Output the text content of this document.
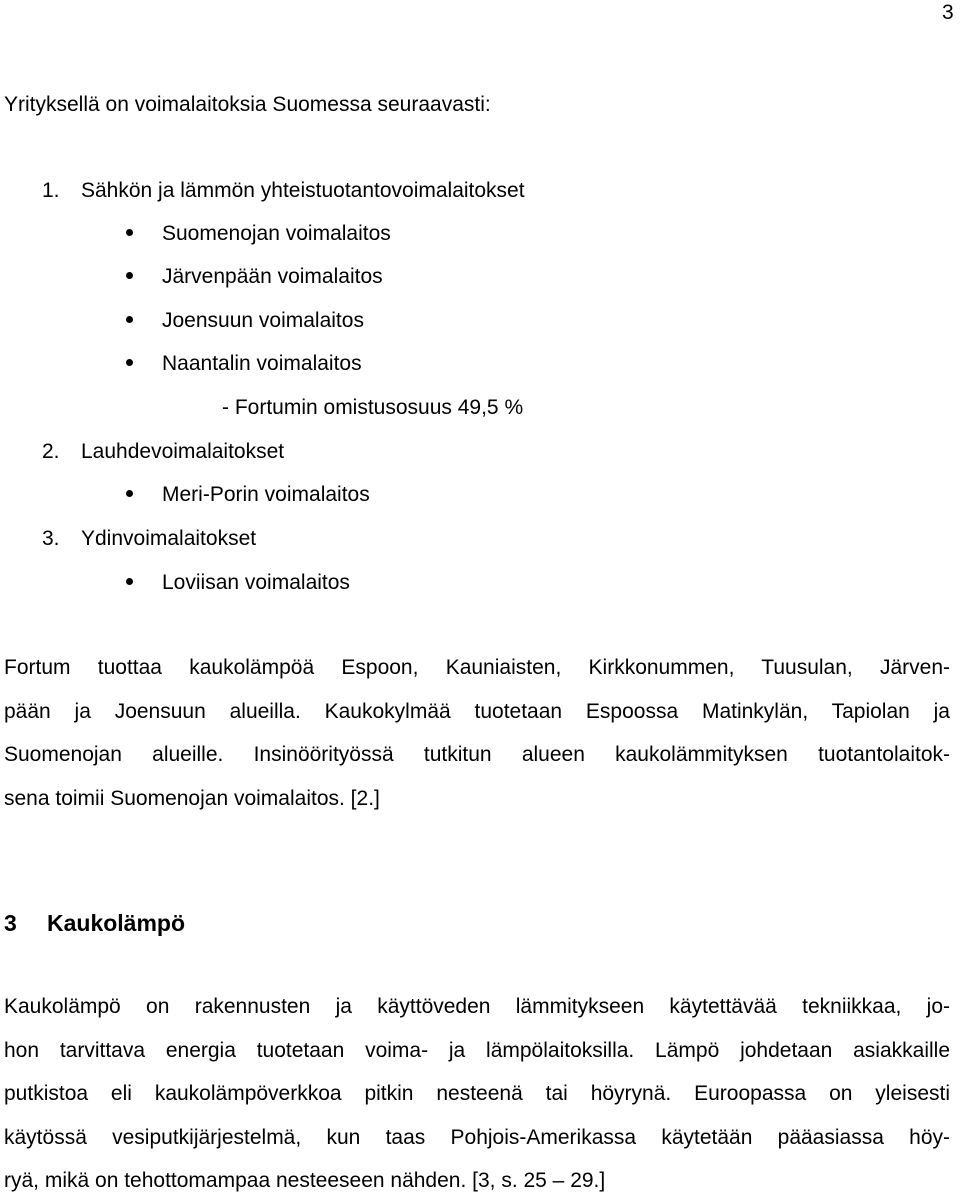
3
Yrityksellä on voimalaitoksia Suomessa seuraavasti:
1. Sähkön ja lämmön yhteistuotantovoimalaitokset
Suomenojan voimalaitos
Järvenpään voimalaitos
Joensuun voimalaitos
Naantalin voimalaitos
- Fortumin omistusosuus 49,5 %
2. Lauhdevoimalaitokset
Meri-Porin voimalaitos
3. Ydinvoimalaitokset
Loviisan voimalaitos
Fortum tuottaa kaukolämpöä Espoon, Kauniaisten, Kirkkonummen, Tuusulan, Järven-
pään ja Joensuun alueilla. Kaukokylmää tuotetaan Espoossa Matinkylän, Tapiolan ja
Suomenojan alueille. Insinöörityössä tutkitun alueen kaukolämmityksen tuotantolaitok-
sena toimii Suomenojan voimalaitos. [2.]
3 Kaukolämpö
Kaukolämpö on rakennusten ja käyttöveden lämmitykseen käytettävää tekniikkaa, jo-
hon tarvittava energia tuotetaan voima- ja lämpölaitoksilla. Lämpö johdetaan asiakkaille
putkistoa eli kaukolämpöverkkoa pitkin nesteenä tai höyrynä. Euroopassa on yleisesti
käytössä vesiputkijärjestelmä, kun taas Pohjois-Amerikassa käytetään pääasiassa höy-
ryä, mikä on tehottomampaa nesteeseen nähden. [3, s. 25 – 29.]
